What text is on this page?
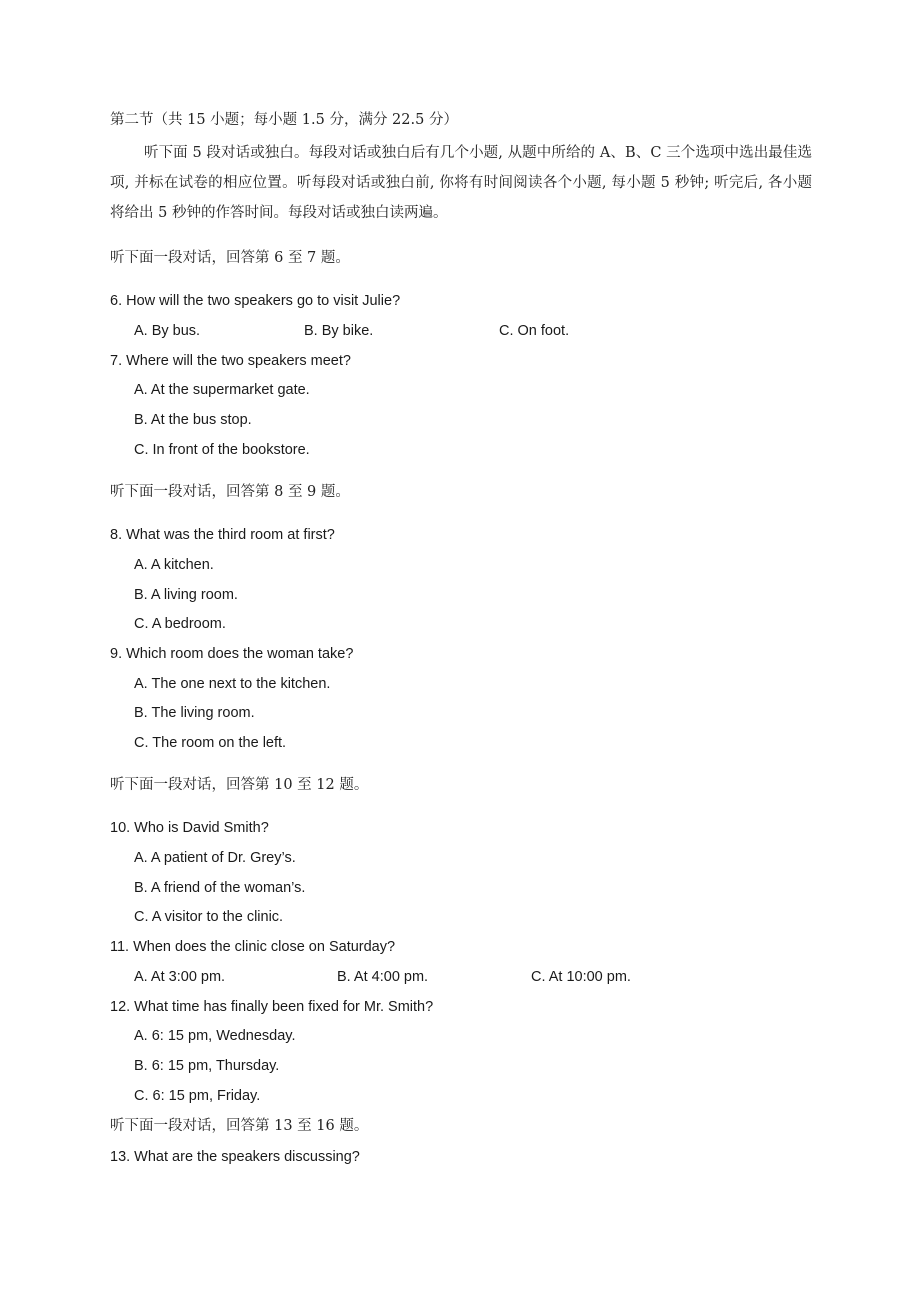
第二节（共 15 小题；每小题 1.5 分，满分 22.5 分）
听下面 5 段对话或独白。每段对话或独白后有几个小题, 从题中所给的 A、B、C 三个选项中选出最佳选项, 并标在试卷的相应位置。听每段对话或独白前, 你将有时间阅读各个小题, 每小题 5 秒钟; 听完后, 各小题将给出 5 秒钟的作答时间。每段对话或独白读两遍。
听下面一段对话，回答第 6 至 7 题。
6. How will the two speakers go to visit Julie?
A. By bus.	B. By bike.	C. On foot.
7. Where will the two speakers meet?
A. At the supermarket gate.
B. At the bus stop.
C. In front of the bookstore.
听下面一段对话，回答第 8 至 9 题。
8. What was the third room at first?
A. A kitchen.
B. A living room.
C. A bedroom.
9. Which room does the woman take?
A. The one next to the kitchen.
B. The living room.
C. The room on the left.
听下面一段对话，回答第 10 至 12 题。
10. Who is David Smith?
A. A patient of Dr. Grey’s.
B. A friend of the woman’s.
C. A visitor to the clinic.
11. When does the clinic close on Saturday?
A. At 3:00 pm.	B. At 4:00 pm.	C. At 10:00 pm.
12. What time has finally been fixed for Mr. Smith?
A. 6: 15 pm, Wednesday.
B. 6: 15 pm, Thursday.
C. 6: 15 pm, Friday.
听下面一段对话，回答第 13 至 16 题。
13. What are the speakers discussing?
